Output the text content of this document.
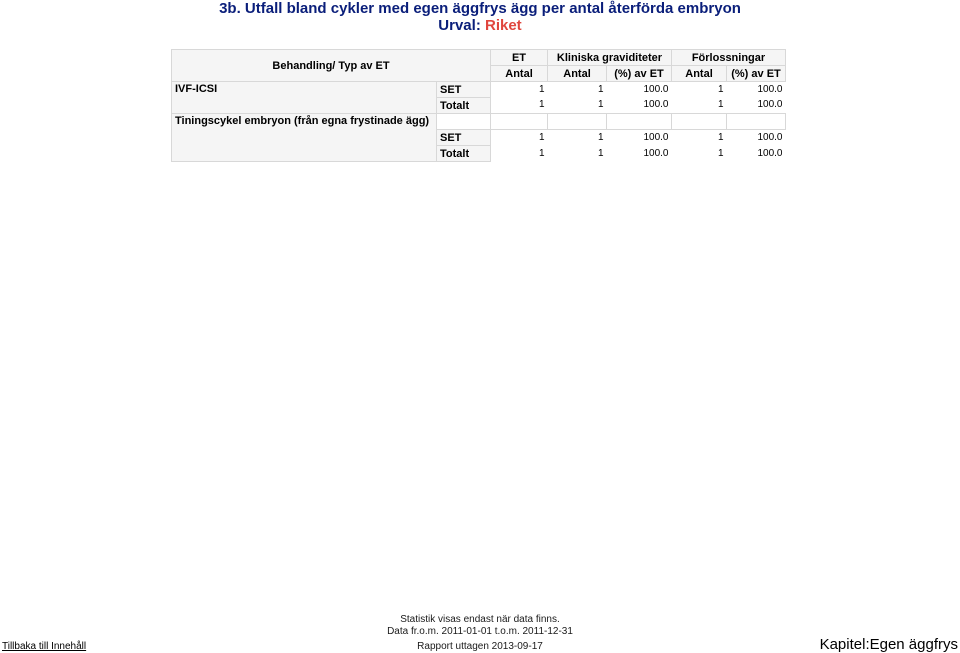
3b. Utfall bland cykler med egen äggfrys ägg per antal återförda embryon
Urval: Riket
Behandling/ Typ av ET		ET	Kliniska graviditeter		Förlossningar	
		Antal	Antal	(%) av ET	Antal	(%) av ET
IVF-ICSI	SET	1	1	100.0	1	100.0
	Totalt	1	1	100.0	1	100.0
Tiningscykel embryon (från egna frystinade ägg)						
	SET	1	1	100.0	1	100.0
	Totalt	1	1	100.0	1	100.0
Statistik visas endast när data finns.
Data fr.o.m. 2011-01-01 t.o.m. 2011-12-31
Rapport uttagen 2013-09-17
Tillbaka till Innehåll	Kapitel:Egen äggfrys
